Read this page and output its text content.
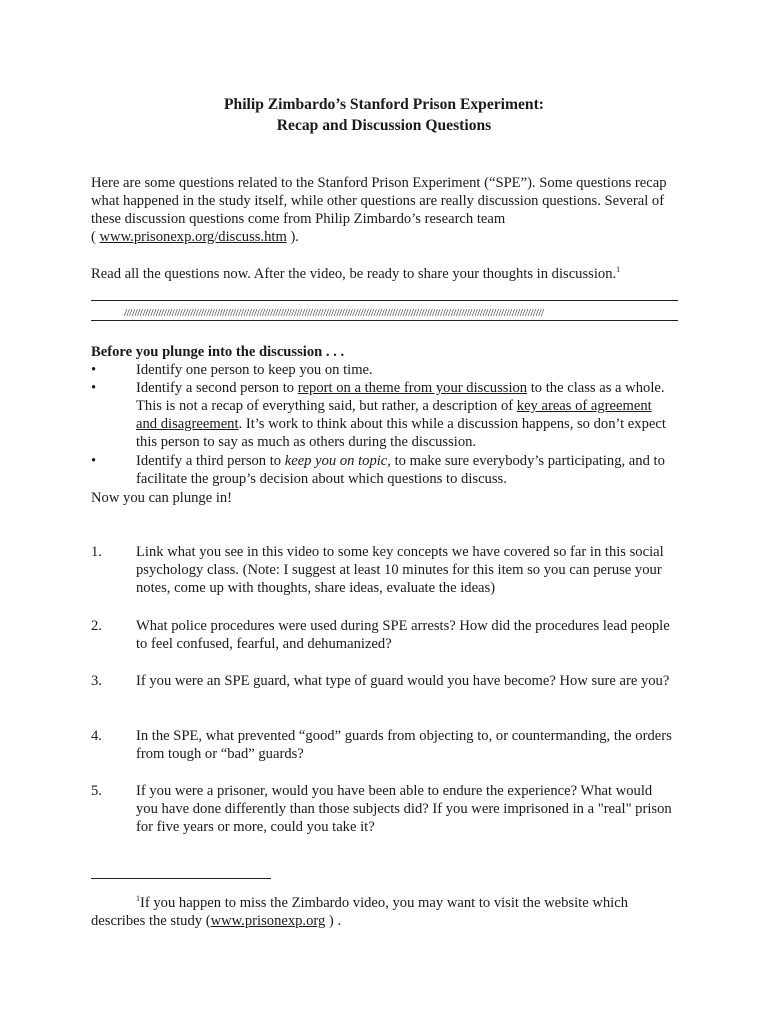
Philip Zimbardo’s Stanford Prison Experiment:
Recap and Discussion Questions

Here are some questions related to the Stanford Prison Experiment (“SPE”). Some questions recap what happened in the study itself, while other questions are really discussion questions. Several of these discussion questions come from Philip Zimbardo’s research team
( www.prisonexp.org/discuss.htm ).

Read all the questions now. After the video, be ready to share your thoughts in discussion.$^1$
//////////////////////////////////////////////////////////////////////////////////////////////////////////////////////////////////////////////////////////////
Before you plunge into the discussion . . .
•	Identify one person to keep you on time.
•	Identify a second person to report on a theme from your discussion to the class as a whole. This is not a recap of everything said, but rather, a description of key areas of agreement and disagreement. It’s work to think about this while a discussion happens, so don’t expect this person to say as much as others during the discussion.
•	Identify a third person to keep you on topic, to make sure everybody’s participating, and to facilitate the group’s decision about which questions to discuss.
Now you can plunge in!
1. Link what you see in this video to some key concepts we have covered so far in this social psychology class. (Note: I suggest at least 10 minutes for this item so you can peruse your notes, come up with thoughts, share ideas, evaluate the ideas)
2. What police procedures were used during SPE arrests? How did the procedures lead people to feel confused, fearful, and dehumanized?
3. If you were an SPE guard, what type of guard would you have become? How sure are you?
4. In the SPE, what prevented “good” guards from objecting to, or countermanding, the orders from tough or “bad” guards?
5. If you were a prisoner, would you have been able to endure the experience? What would you have done differently than those subjects did? If you were imprisoned in a "real" prison for five years or more, could you take it?
$^1$If you happen to miss the Zimbardo video, you may want to visit the website which describes the study (www.prisonexp.org ) .
